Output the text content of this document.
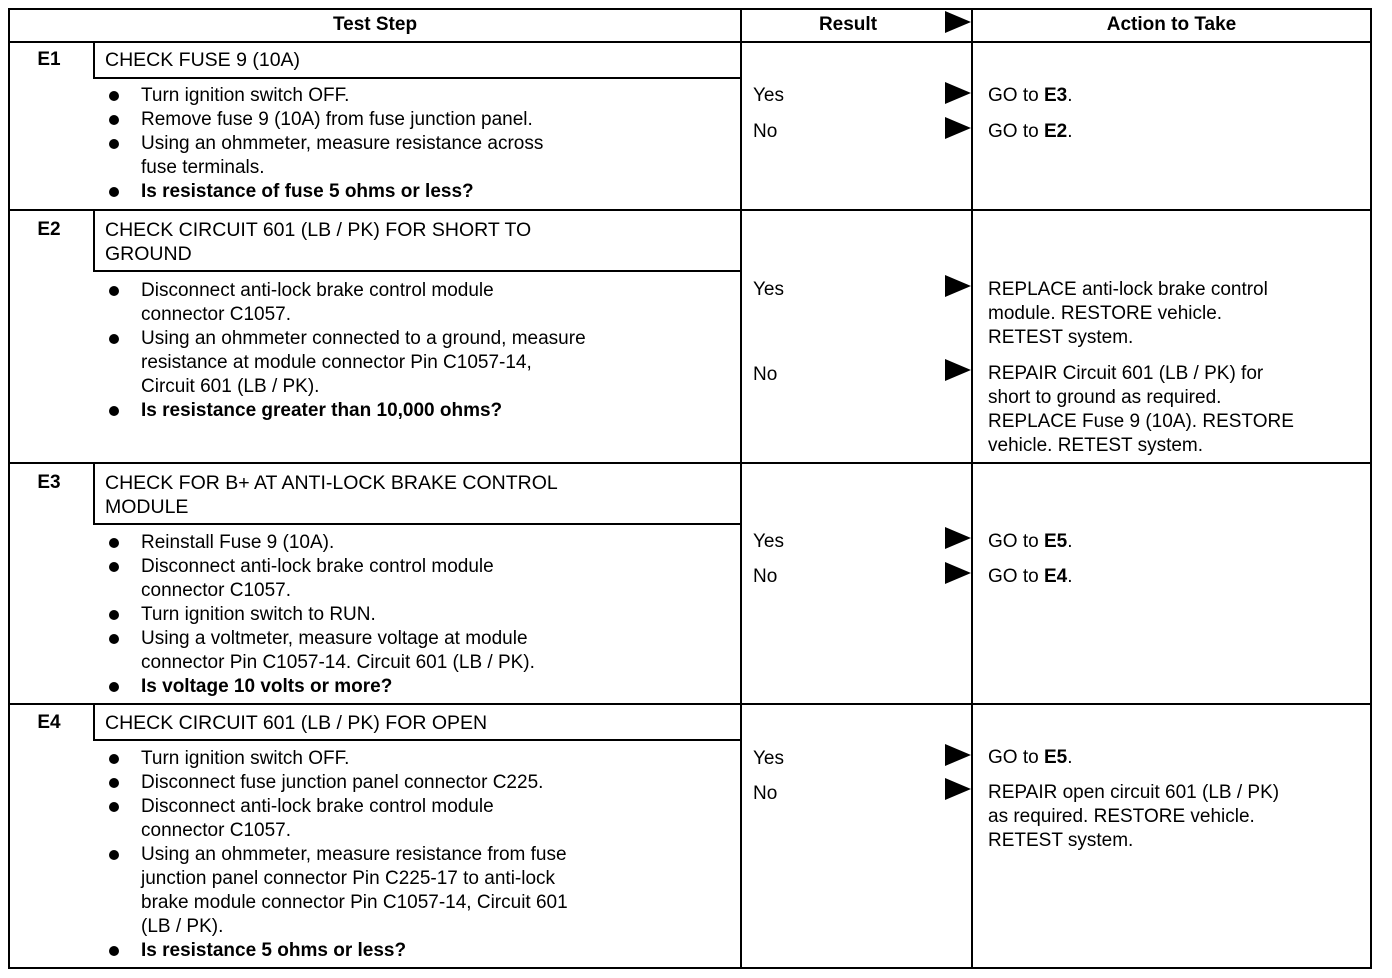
Test Step	Result	Action to Take
E1	CHECK FUSE 9 (10A)
Turn ignition switch OFF.
Remove fuse 9 (10A) from fuse junction panel.
Using an ohmmeter, measure resistance across
fuse terminals.
Is resistance of fuse 5 ohms or less?
Yes	GO to E3.
No	GO to E2.
E2	CHECK CIRCUIT 601 (LB / PK) FOR SHORT TO
GROUND
Disconnect anti-lock brake control module
connector C1057.
Using an ohmmeter connected to a ground, measure
resistance at module connector Pin C1057-14,
Circuit 601 (LB / PK).
Is resistance greater than 10,000 ohms?
Yes	REPLACE anti-lock brake control
module. RESTORE vehicle.
RETEST system.
No	REPAIR Circuit 601 (LB / PK) for
short to ground as required.
REPLACE Fuse 9 (10A). RESTORE
vehicle. RETEST system.
E3	CHECK FOR B+ AT ANTI-LOCK BRAKE CONTROL
MODULE
Reinstall Fuse 9 (10A).
Disconnect anti-lock brake control module
connector C1057.
Turn ignition switch to RUN.
Using a voltmeter, measure voltage at module
connector Pin C1057-14. Circuit 601 (LB / PK).
Is voltage 10 volts or more?
Yes	GO to E5.
No	GO to E4.
E4	CHECK CIRCUIT 601 (LB / PK) FOR OPEN
Turn ignition switch OFF.
Disconnect fuse junction panel connector C225.
Disconnect anti-lock brake control module
connector C1057.
Using an ohmmeter, measure resistance from fuse
junction panel connector Pin C225-17 to anti-lock
brake module connector Pin C1057-14, Circuit 601
(LB / PK).
Is resistance 5 ohms or less?
Yes	GO to E5.
No	REPAIR open circuit 601 (LB / PK)
as required. RESTORE vehicle.
RETEST system.
